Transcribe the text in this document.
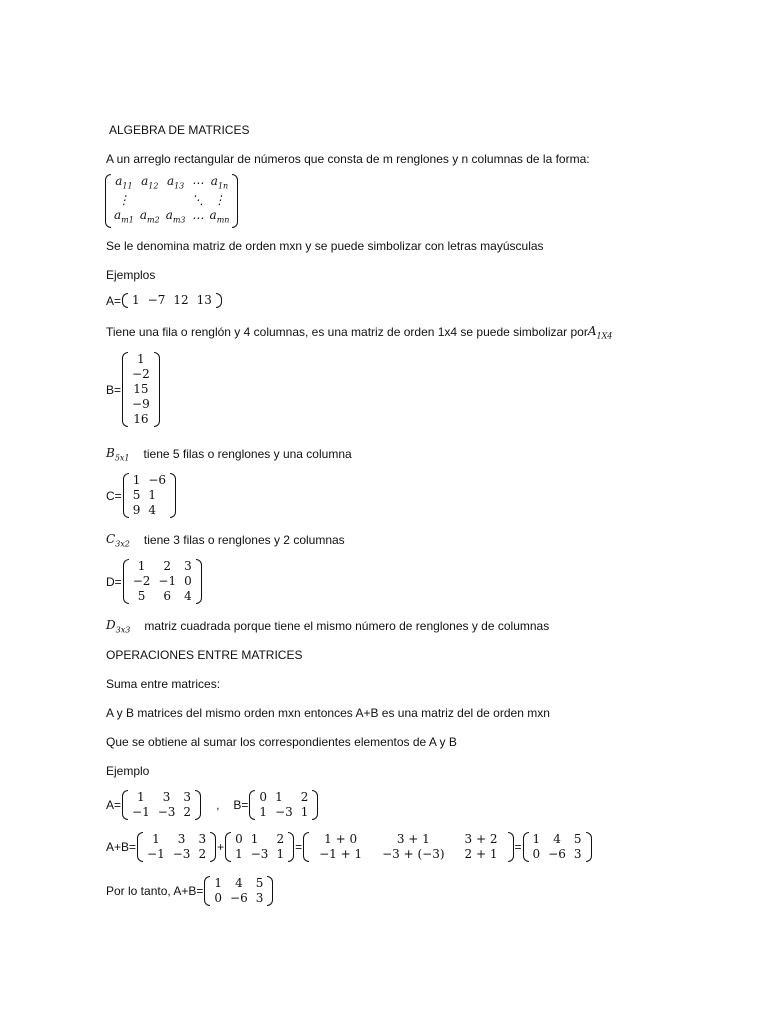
ALGEBRA DE MATRICES
A un arreglo rectangular de números que consta de m renglones y n columnas de la forma:
$a_{11}$	$a_{12}$	$a_{13}$	⋯	$a_{1n}$
⋮			⋱	⋮
$a_{m1}$	$a_{m2}$	$a_{m3}$	⋯	$a_{mn}$
Se le denomina matriz de orden mxn y se puede simbolizar con letras mayúsculas
Ejemplos
A= 1	−7	12	13
Tiene una fila o renglón y 4 columnas, es una matriz de orden 1x4 se puede simbolizar por $A_{1X4}$
B=
1
−2
15
−9
16
$B_{5x1}$ tiene 5 filas o renglones y una columna
C=
1	−6
5	1
9	4
$C_{3x2}$ tiene 3 filas o renglones y 2 columnas
D=
1	2	3
−2	−1	0
5	6	4
$D_{3x3}$ matriz cuadrada porque tiene el mismo número de renglones y de columnas
OPERACIONES ENTRE MATRICES
Suma entre matrices:
A y B matrices del mismo orden mxn entonces A+B es una matriz del de orden mxn
Que se obtiene al sumar los correspondientes elementos de A y B
Ejemplo
A=
1	3	3
−1	−3	2 , B=
0	1	2
1	−3	1
A+B=
1	3	3
−1	−3	2 +
0	1	2
1	−3	1 =
1 + 0	3 + 1	3 + 2
−1 + 1	−3 + (−3)	2 + 1 =
1	4	5
0	−6	3
Por lo tanto, A+B=
1	4	5
0	−6	3
